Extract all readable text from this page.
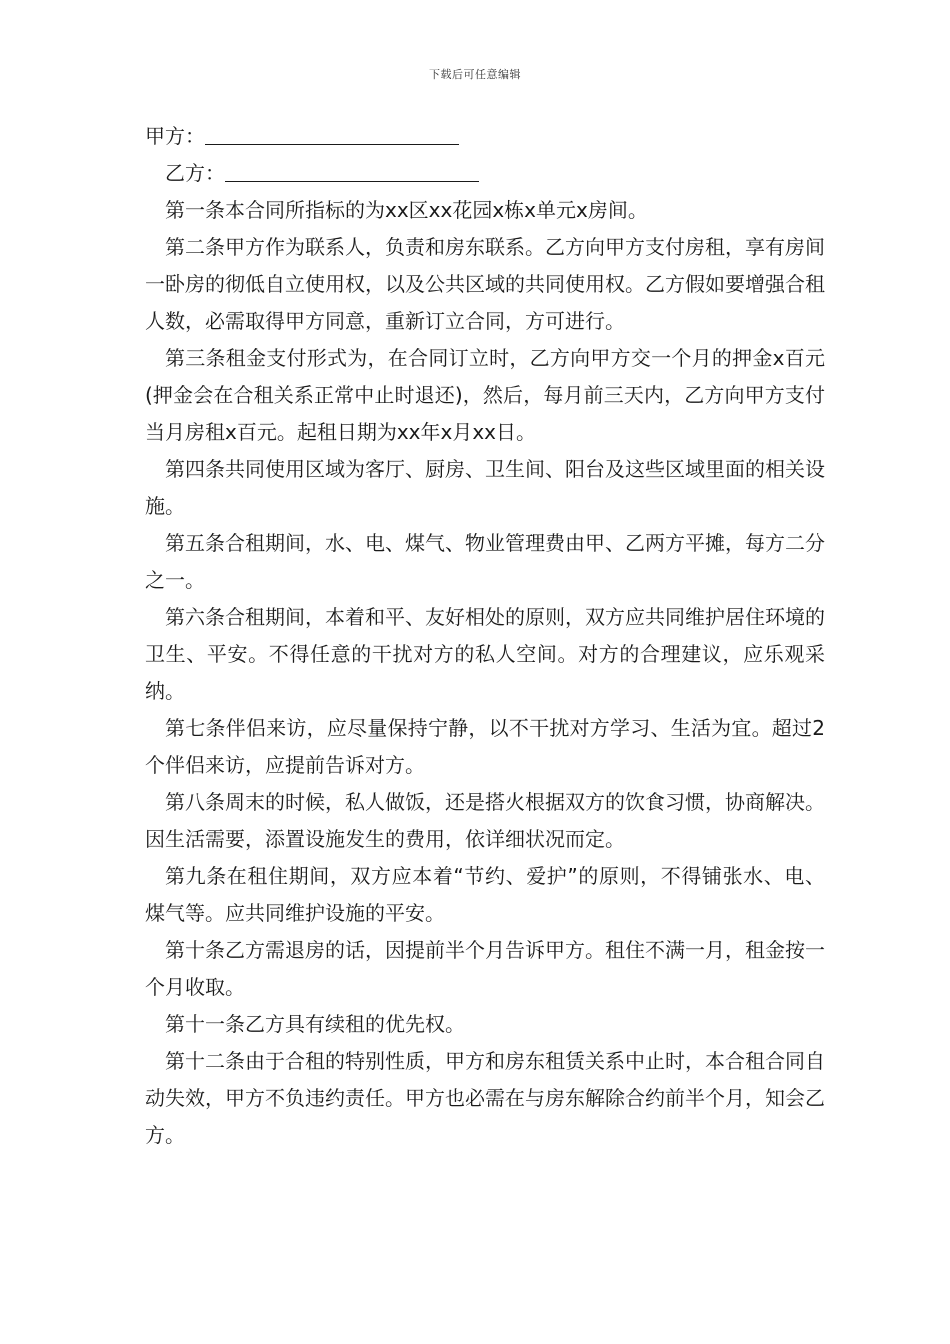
下载后可任意编辑

甲方：

乙方：

第一条本合同所指标的为xx区xx花园x栋x单元x房间。

第二条甲方作为联系人，负责和房东联系。乙方向甲方支付房租，享有房间一卧房的彻低自立使用权，以及公共区域的共同使用权。乙方假如要增强合租人数，必需取得甲方同意，重新订立合同，方可进行。

第三条租金支付形式为，在合同订立时，乙方向甲方交一个月的押金x百元(押金会在合租关系正常中止时退还)，然后，每月前三天内，乙方向甲方支付当月房租x百元。起租日期为xx年x月xx日。

第四条共同使用区域为客厅、厨房、卫生间、阳台及这些区域里面的相关设施。

第五条合租期间，水、电、煤气、物业管理费由甲、乙两方平摊，每方二分之一。

第六条合租期间，本着和平、友好相处的原则，双方应共同维护居住环境的卫生、平安。不得任意的干扰对方的私人空间。对方的合理建议，应乐观采纳。

第七条伴侣来访，应尽量保持宁静，以不干扰对方学习、生活为宜。超过2个伴侣来访，应提前告诉对方。

第八条周末的时候，私人做饭，还是搭火根据双方的饮食习惯，协商解决。因生活需要，添置设施发生的费用，依详细状况而定。

第九条在租住期间，双方应本着“节约、爱护”的原则，不得铺张水、电、煤气等。应共同维护设施的平安。

第十条乙方需退房的话，因提前半个月告诉甲方。租住不满一月，租金按一个月收取。

第十一条乙方具有续租的优先权。

第十二条由于合租的特别性质，甲方和房东租赁关系中止时，本合租合同自动失效，甲方不负违约责任。甲方也必需在与房东解除合约前半个月，知会乙方。
